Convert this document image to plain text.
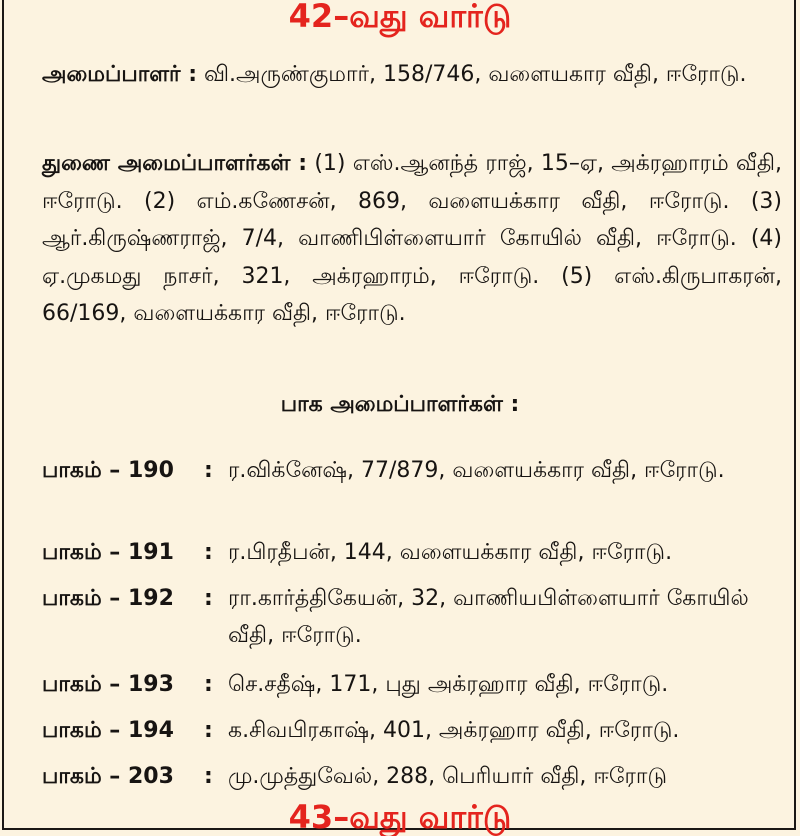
42–வது வார்டு
அமைப்பாளர் : வி.அருண்குமார், 158/746, வளையகார வீதி, ஈரோடு.
துணை அமைப்பாளர்கள் : (1) எஸ்.ஆனந்த் ராஜ், 15–ஏ, அக்ரஹாரம் வீதி, ஈரோடு. (2) எம்.கணேசன், 869, வளையக்கார வீதி, ஈரோடு. (3) ஆர்.கிருஷ்ணராஜ், 7/4, வாணிபிள்ளையார் கோயில் வீதி, ஈரோடு. (4) ஏ.முகமது நாசர், 321, அக்ரஹாரம், ஈரோடு. (5) எஸ்.கிருபாகரன், 66/169, வளையக்கார வீதி, ஈரோடு.
பாக அமைப்பாளர்கள் :
பாகம் – 190	: ர.விக்னேஷ், 77/879, வளையக்கார வீதி, ஈரோடு.
பாகம் – 191	: ர.பிரதீபன், 144, வளையக்கார வீதி, ஈரோடு.
பாகம் – 192	: ரா.கார்த்திகேயன், 32, வாணியபிள்ளையார் கோயில் வீதி, ஈரோடு.
பாகம் – 193	: செ.சதீஷ், 171, புது அக்ரஹார வீதி, ஈரோடு.
பாகம் – 194	: க.சிவபிரகாஷ், 401, அக்ரஹார வீதி, ஈரோடு.
பாகம் – 203	: மு.முத்துவேல், 288, பெரியார் வீதி, ஈரோடு
43–வது வார்டு
